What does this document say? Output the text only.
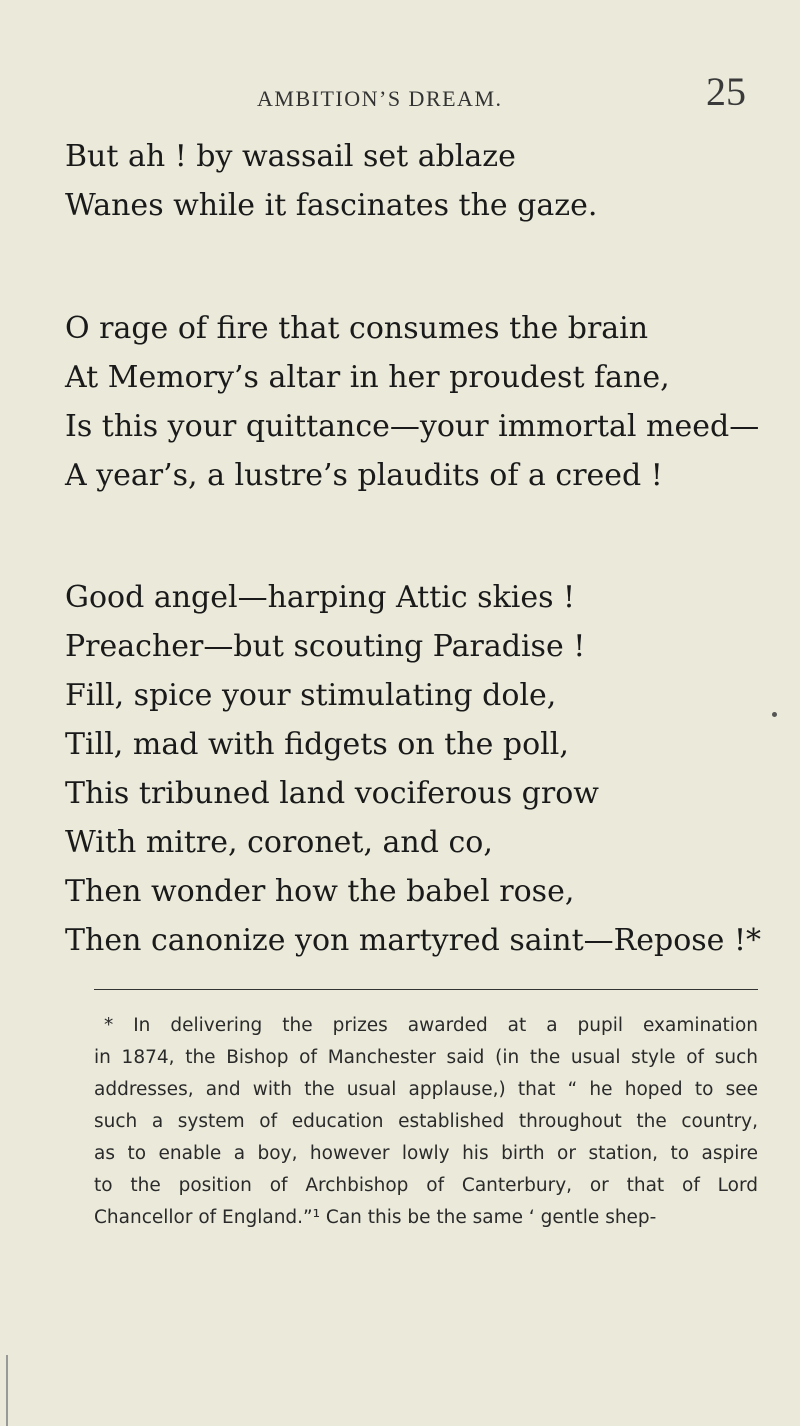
AMBITION’S DREAM.	25
But ah ! by wassail set ablaze
Wanes while it fascinates the gaze.
O rage of fire that consumes the brain
At Memory’s altar in her proudest fane,
Is this your quittance—your immortal meed—
A year’s, a lustre’s plaudits of a creed !
Good angel—harping Attic skies !
Preacher—but scouting Paradise !
Fill, spice your stimulating dole,
Till, mad with fidgets on the poll,
This tribuned land vociferous grow
With mitre, coronet, and co,
Then wonder how the babel rose,
Then canonize yon martyred saint—Repose !*
* In delivering the prizes awarded at a pupil examination
in 1874, the Bishop of Manchester said (in the usual style of such
addresses, and with the usual applause,) that “ he hoped to see
such a system of education established throughout the country,
as to enable a boy, however lowly his birth or station, to aspire
to the position of Archbishop of Canterbury, or that of Lord
Chancellor of England.”¹ Can this be the same ‘ gentle shep-
